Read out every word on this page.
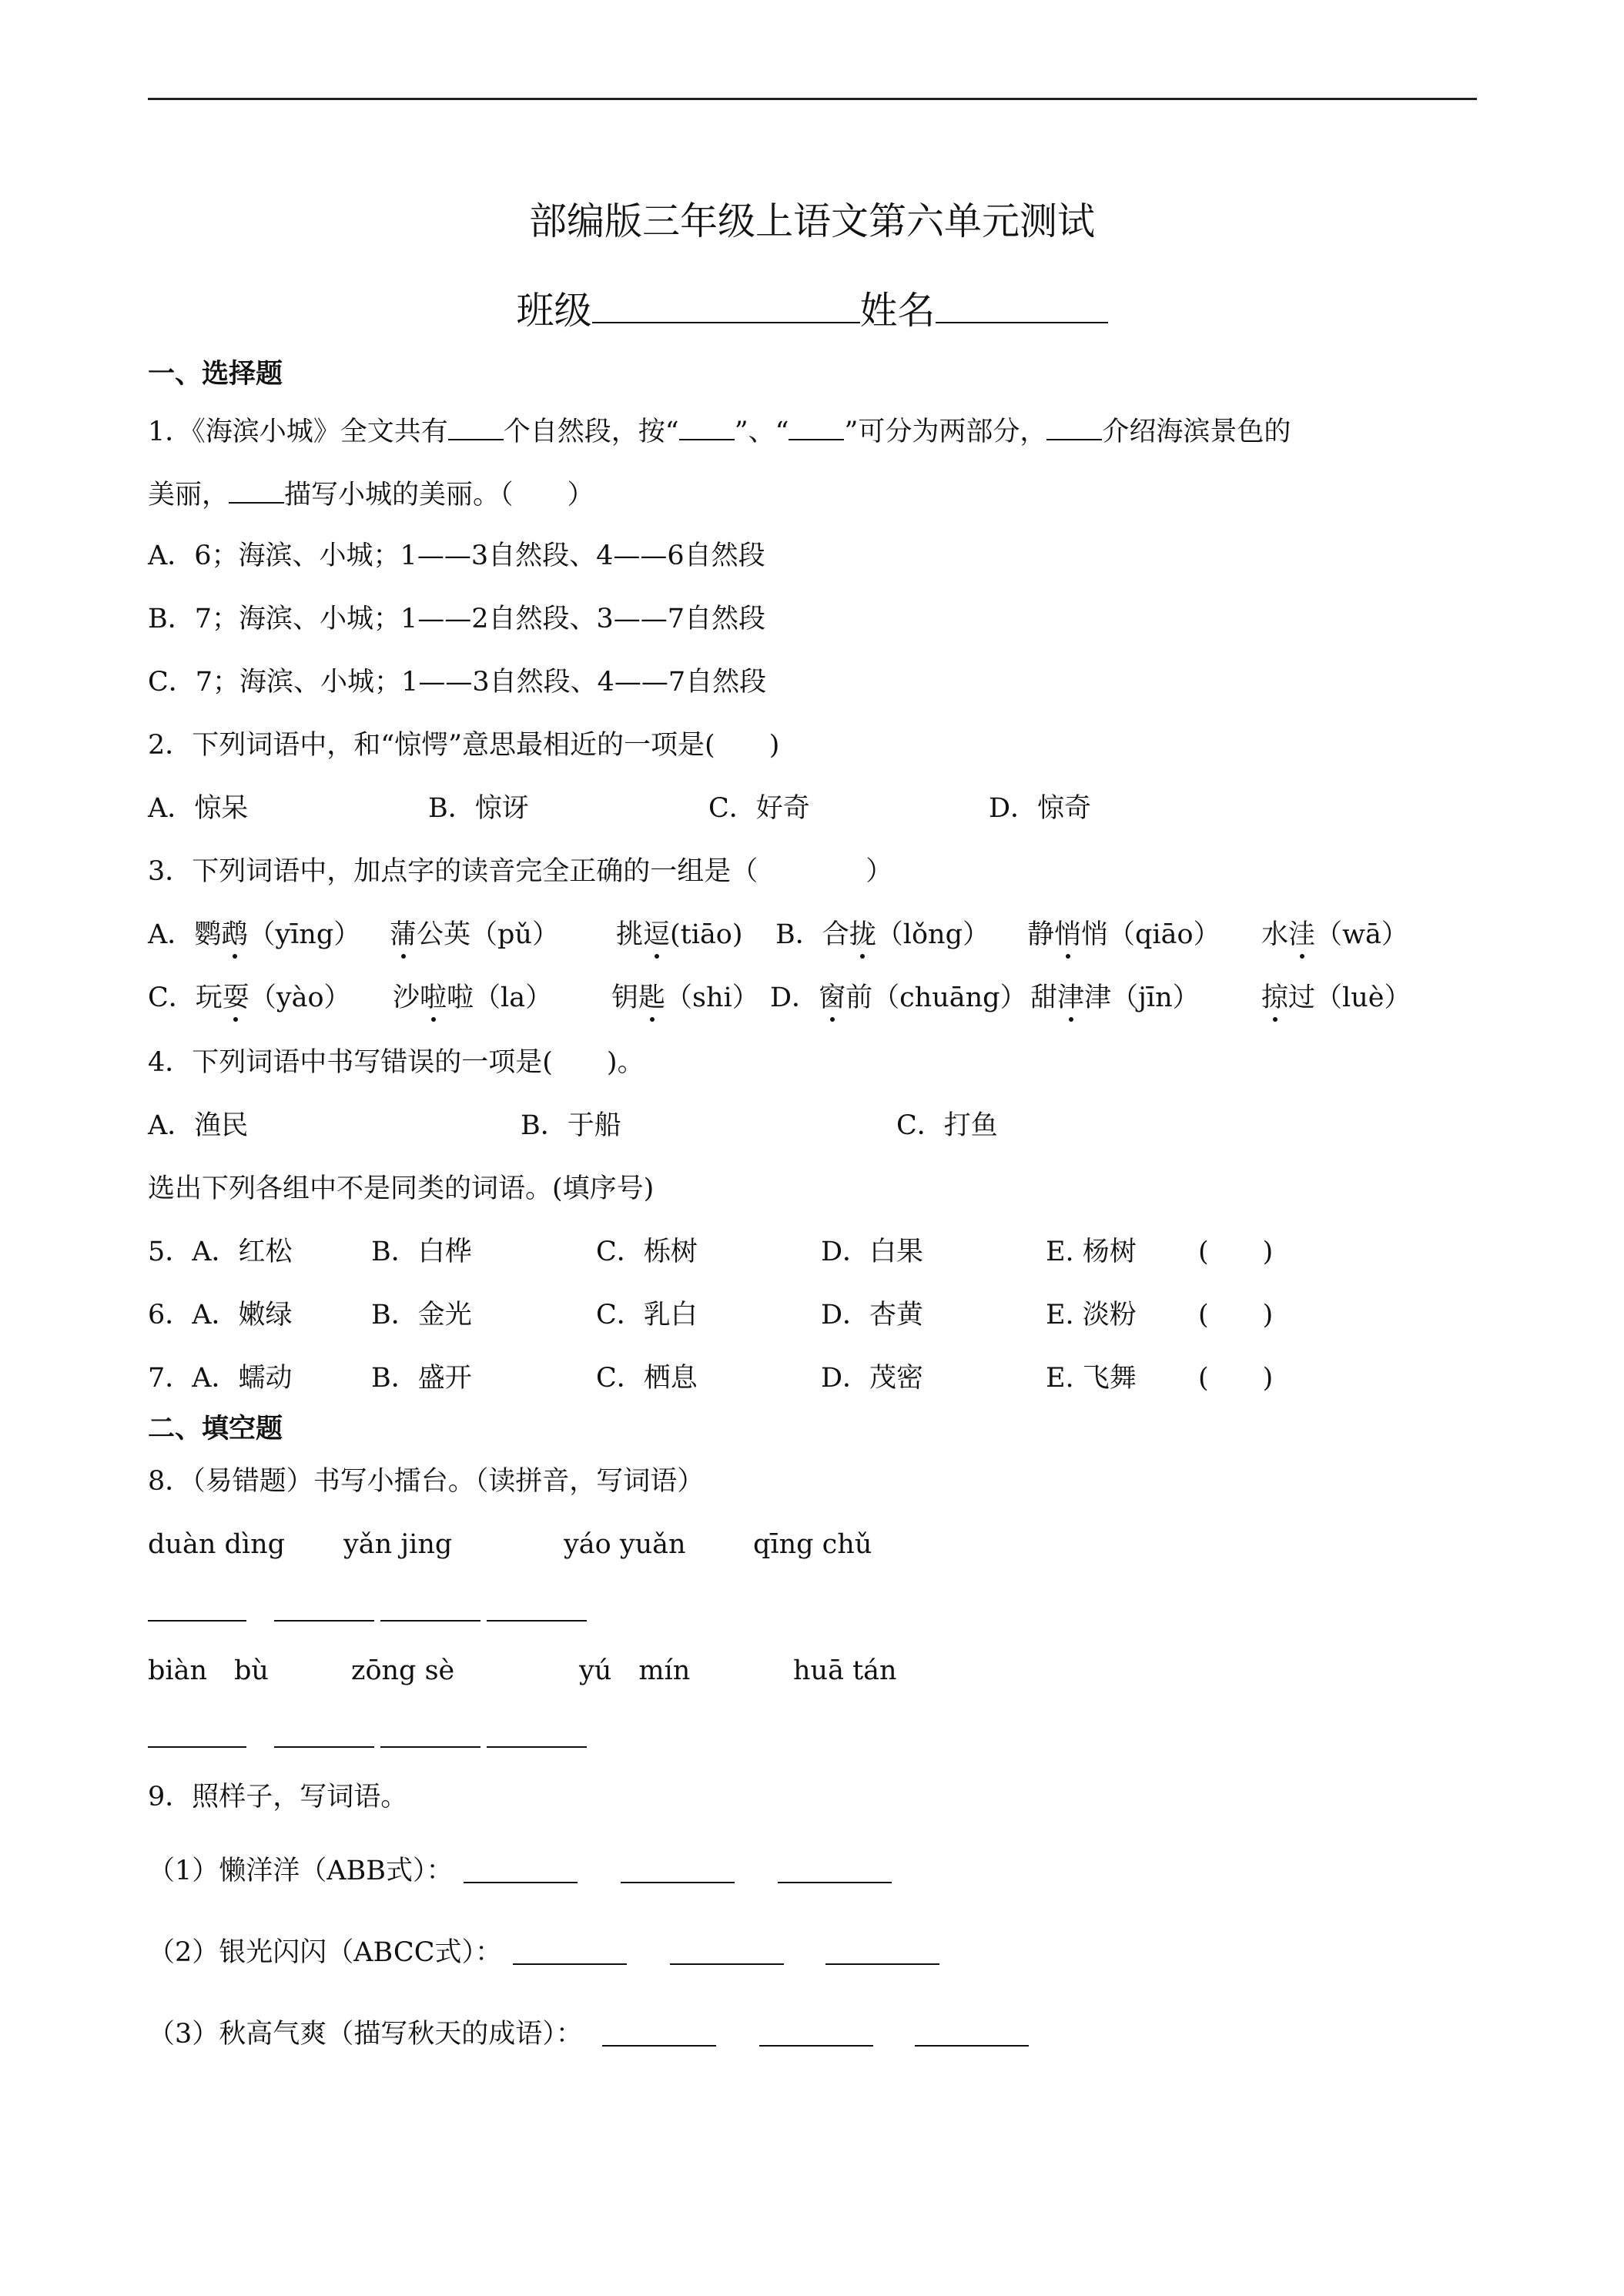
部编版三年级上语文第六单元测试
班级	姓名
一、选择题
1．《海滨小城》全文共有 个自然段，按“ ”、“ ”可分为两部分， 介绍海滨景色的
美丽， 描写小城的美丽。（　　）
A．6；海滨、小城；1——3自然段、4——6自然段
B．7；海滨、小城；1——2自然段、3——7自然段
C．7；海滨、小城；1——3自然段、4——7自然段
2．下列词语中，和“惊愕”意思最相近的一项是(　　)
A．惊呆	B．惊讶	C．好奇	D．惊奇
3．下列词语中，加点字的读音完全正确的一组是（　　　　）
A．鹦鹉（yīng） 蒲公英（pǔ） 挑逗(tiāo) B．合拢（lǒng） 静悄悄（qiāo） 水洼（wā）
C．玩耍（yào） 沙啦啦（la） 钥匙（shi） D．窗前（chuāng） 甜津津（jīn） 掠过（luè）
4．下列词语中书写错误的一项是(　　)。
A．渔民	B．于船	C．打鱼
选出下列各组中不是同类的词语。(填序号)
5．A．红松	B．白桦	C．栎树	D．白果	E. 杨树 (　　)
6．A．嫩绿	B．金光	C．乳白	D．杏黄	E. 淡粉 (　　)
7．A．蠕动	B．盛开	C．栖息	D．茂密	E. 飞舞 (　　)
二、填空题
8．（易错题）书写小擂台。（读拼音，写词语）
duàn dìng yǎn jing	yáo yuǎn qīng chǔ
biàn　bù	zōng sè	yú　mín	huā tán
9．照样子，写词语。
（1）懒洋洋（ABB式）：
（2）银光闪闪（ABCC式）：
（3）秋高气爽（描写秋天的成语）：
